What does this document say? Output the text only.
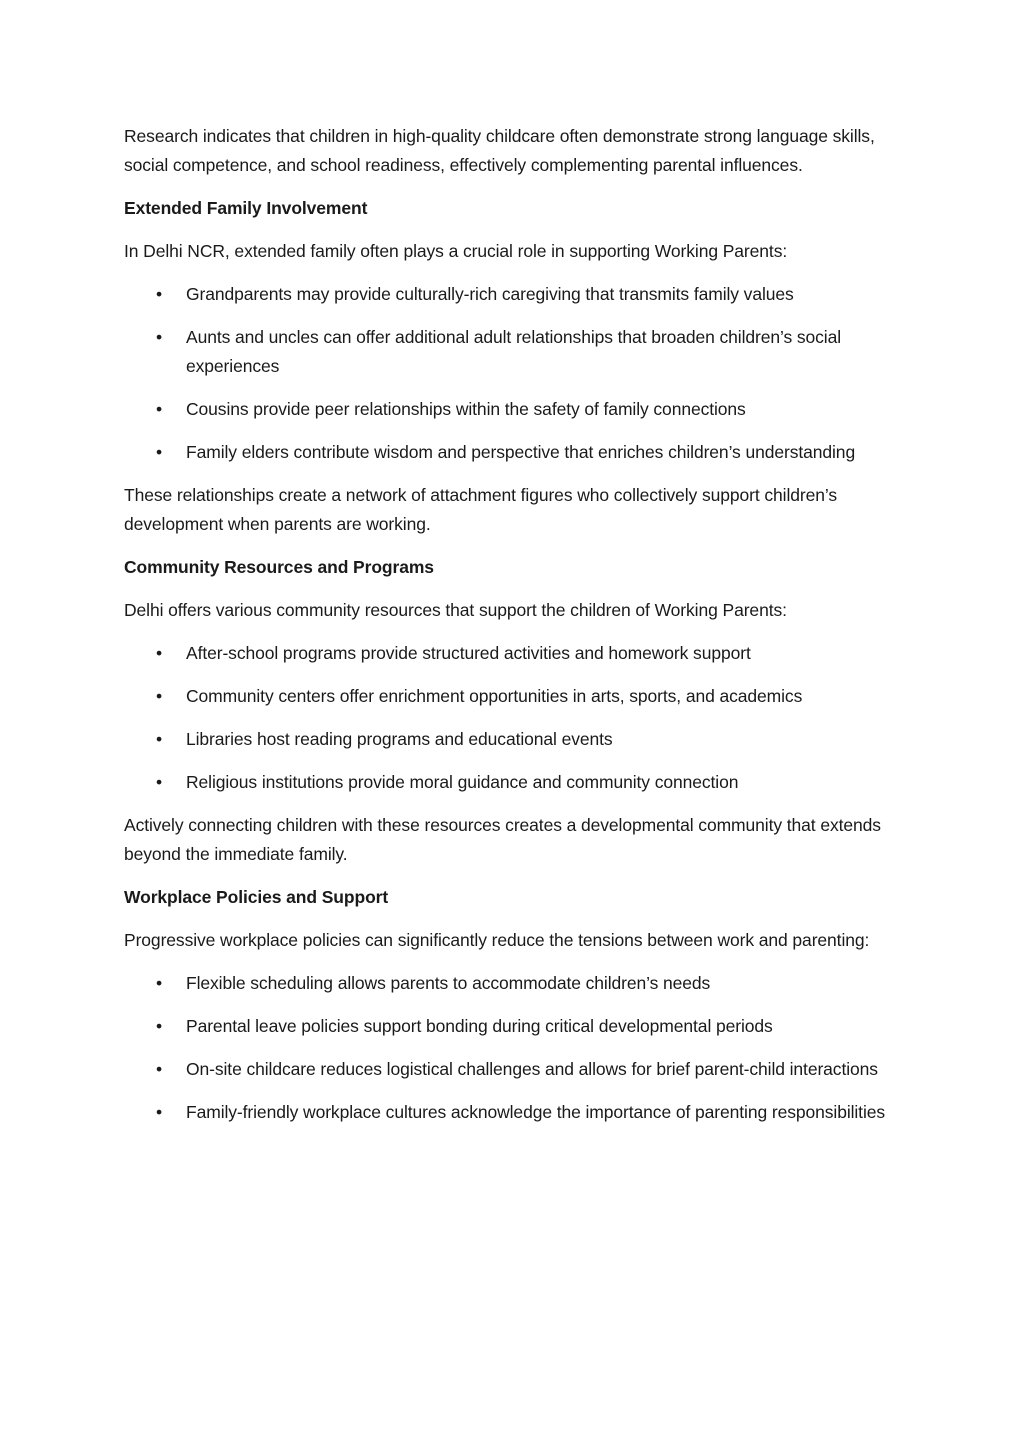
Research indicates that children in high-quality childcare often demonstrate strong language skills, social competence, and school readiness, effectively complementing parental influences.

Extended Family Involvement

In Delhi NCR, extended family often plays a crucial role in supporting Working Parents:

• Grandparents may provide culturally-rich caregiving that transmits family values
• Aunts and uncles can offer additional adult relationships that broaden children’s social experiences
• Cousins provide peer relationships within the safety of family connections
• Family elders contribute wisdom and perspective that enriches children’s understanding

These relationships create a network of attachment figures who collectively support children’s development when parents are working.

Community Resources and Programs

Delhi offers various community resources that support the children of Working Parents:

• After-school programs provide structured activities and homework support
• Community centers offer enrichment opportunities in arts, sports, and academics
• Libraries host reading programs and educational events
• Religious institutions provide moral guidance and community connection

Actively connecting children with these resources creates a developmental community that extends beyond the immediate family.

Workplace Policies and Support

Progressive workplace policies can significantly reduce the tensions between work and parenting:

• Flexible scheduling allows parents to accommodate children’s needs
• Parental leave policies support bonding during critical developmental periods
• On-site childcare reduces logistical challenges and allows for brief parent-child interactions
• Family-friendly workplace cultures acknowledge the importance of parenting responsibilities
